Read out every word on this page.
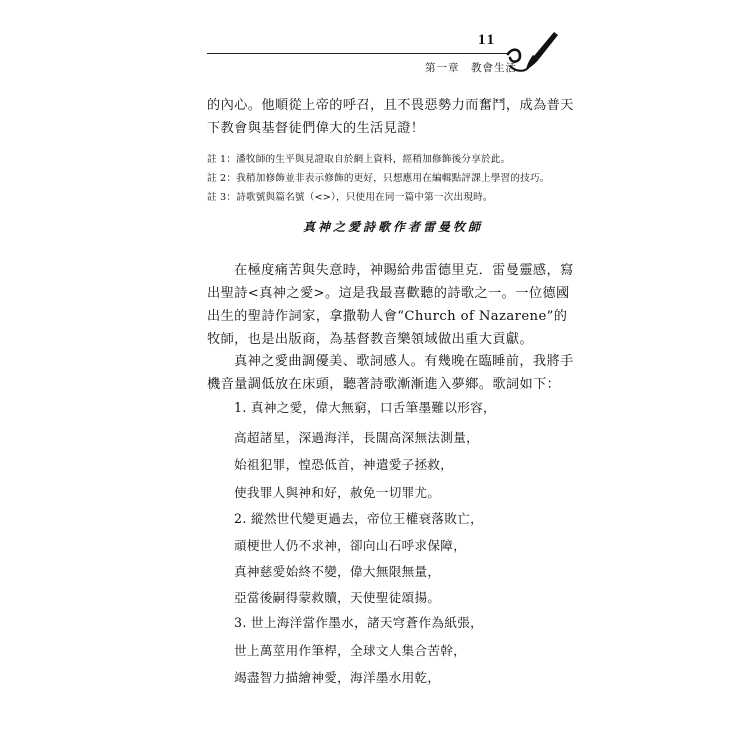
11
第一章　教會生活

的內心。他順從上帝的呼召，且不畏惡勢力而奮鬥，成為普天下教會與基督徒們偉大的生活見證！

註 1：潘牧師的生平與見證取自於網上資料，經稍加修飾後分享於此。
註 2：我稍加修飾並非表示修飾的更好，只想應用在編輯點評課上學習的技巧。
註 3：詩歌號與篇名號（<>），只使用在同一篇中第一次出現時。
真神之愛詩歌作者雷曼牧師

在極度痛苦與失意時，神賜給弗雷德里克．雷曼靈感，寫出聖詩<真神之愛>。這是我最喜歡聽的詩歌之一。一位德國出生的聖詩作詞家，拿撒勒人會“Church of Nazarene”的牧師，也是出版商，為基督教音樂領域做出重大貢獻。

真神之愛曲調優美、歌詞感人。有幾晚在臨睡前，我將手機音量調低放在床頭，聽著詩歌漸漸進入夢鄉。歌詞如下：

1. 真神之愛，偉大無窮，口舌筆墨難以形容，
高超諸星，深過海洋，長闊高深無法測量，
始祖犯罪，惶恐低首，神遣愛子拯救，
使我罪人與神和好，赦免一切罪尤。
2. 縱然世代變更過去，帝位王權衰落敗亡，
頑梗世人仍不求神，卻向山石呼求保障，
真神慈愛始終不變，偉大無限無量，
亞當後嗣得蒙救贖，天使聖徒頌揚。
3. 世上海洋當作墨水，諸天穹蒼作為紙張，
世上萬莖用作筆桿，全球文人集合苦幹，
竭盡智力描繪神愛，海洋墨水用乾，
